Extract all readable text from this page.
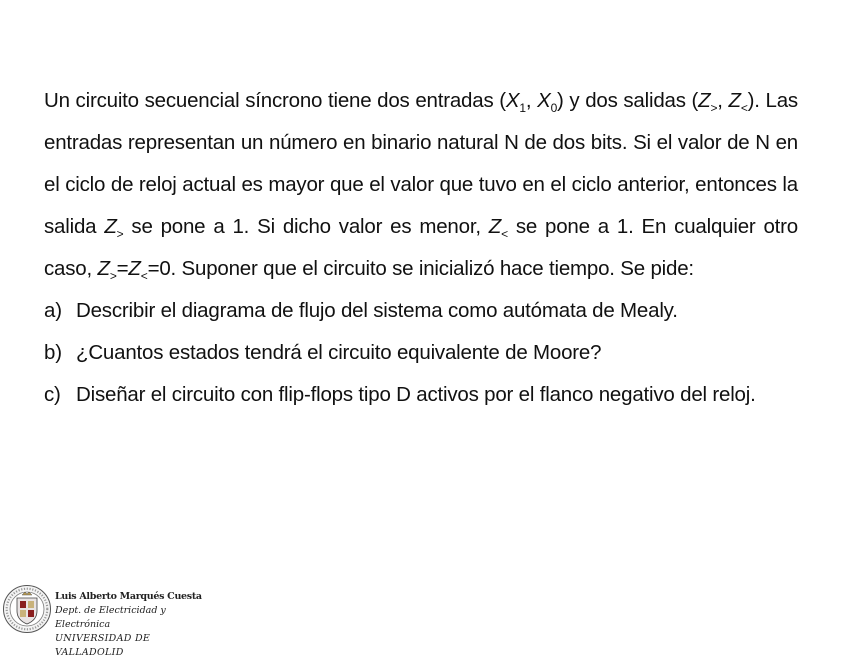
Un circuito secuencial síncrono tiene dos entradas ($X_1$, $X_0$) y dos salidas ($Z_>$, $Z_<$). Las entradas representan un número en binario natural N de dos bits. Si el valor de N en el ciclo de reloj actual es mayor que el valor que tuvo en el ciclo anterior, entonces la salida $Z_>$ se pone a 1. Si dicho valor es menor, $Z_<$ se pone a 1. En cualquier otro caso, $Z_>=Z_<=0$. Suponer que el circuito se inicializó hace tiempo. Se pide:

a) Describir el diagrama de flujo del sistema como autómata de Mealy.
b) ¿Cuantos estados tendrá el circuito equivalente de Moore?
c) Diseñar el circuito con flip-flops tipo D activos por el flanco negativo del reloj.
Luis Alberto Marqués Cuesta
Dept. de Electricidad y Electrónica
UNIVERSIDAD DE VALLADOLID
